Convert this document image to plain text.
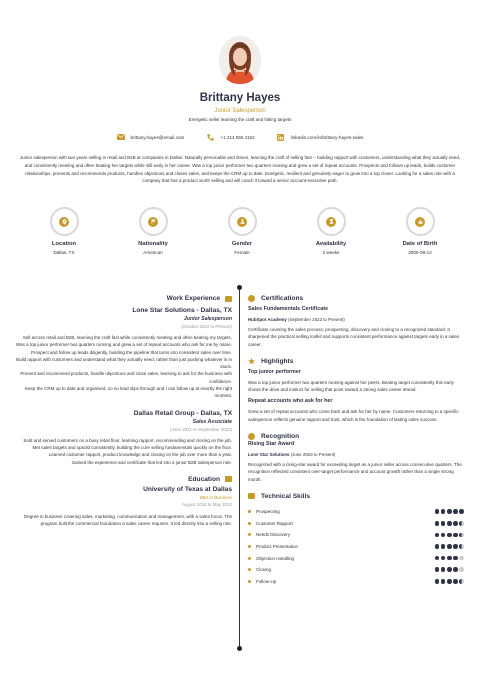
Brittany Hayes
Junior Salesperson
Energetic seller learning the craft and hitting targets
brittany.hayes@email.com	+1 214 555 1152	linkedin.com/in/brittany-hayes-sales
Junior salesperson with two years selling in retail and B2B at companies in Dallas. Naturally personable and driven, learning the craft of selling fast -- building rapport with customers, understanding what they actually need, and consistently meeting and often beating her targets while still early in her career. Was a top junior performer two quarters running and grew a set of repeat accounts. Prospects and follows up leads, builds customer relationships, presents and recommends products, handles objections and closes sales, and keeps the CRM up to date. Energetic, resilient and genuinely eager to grow into a top closer. Looking for a sales role with a company that has a product worth selling and will coach it toward a senior account-executive path.
Location
Dallas, TX
Nationality
American
Gender
Female
Availability
2 weeks
Date of Birth
2000-09-12
Work Experience
Lone Star Solutions - Dallas, TX
Junior Salesperson
(October 2022 to Present)
Sell across retail and B2B, learning the craft fast while consistently meeting and often beating my targets.
Was a top junior performer two quarters running and grew a set of repeat accounts who ask for me by name.
Prospect and follow up leads diligently, building the pipeline that turns into consistent sales over time.
Build rapport with customers and understand what they actually need, rather than just pushing whatever is in stock.
Present and recommend products, handle objections and close sales, learning to ask for the business with confidence.
Keep the CRM up to date and organised, so no lead slips through and I can follow up at exactly the right moment.
Dallas Retail Group - Dallas, TX
Sales Associate
(June 2021 to September 2022)
Sold and served customers on a busy retail floor, learning rapport, recommending and closing on the job.
Met sales targets and upsold consistently, building the core selling fundamentals quickly on the floor.
Learned customer rapport, product knowledge and closing on the job over more than a year.
Gained the experience and certificate that led into a junior B2B salesperson role.
Education
University of Texas at Dallas
BBA in Business
August 2018 to May 2022
Degree in business covering sales, marketing, communication and management, with a sales focus. The program built the commercial foundation a sales career requires. It led directly into a selling role.
Certifications
Sales Fundamentals Certificate
HubSpot Academy (September 2022 to Present)
Certificate covering the sales process, prospecting, discovery and closing to a recognized standard. It sharpened the practical selling toolkit and supports consistent performance against targets early in a sales career.
★ Highlights
Top junior performer
Was a top junior performer two quarters running against her peers. Beating target consistently this early shows the drive and instinct for selling that point toward a strong sales career ahead.
Repeat accounts who ask for her
Grew a set of repeat accounts who come back and ask for her by name. Customers returning to a specific salesperson reflects genuine rapport and trust, which is the foundation of lasting sales success.
Recognition
Rising Star Award
Lone Star Solutions (June 2023 to Present)
Recognized with a rising-star award for exceeding target as a junior seller across consecutive quarters. The recognition reflected consistent over-target performance and account growth rather than a single strong month.
Technical Skills
Prospecting
Customer Rapport
Needs Discovery
Product Presentation
Objection Handling
Closing
Follow-Up
